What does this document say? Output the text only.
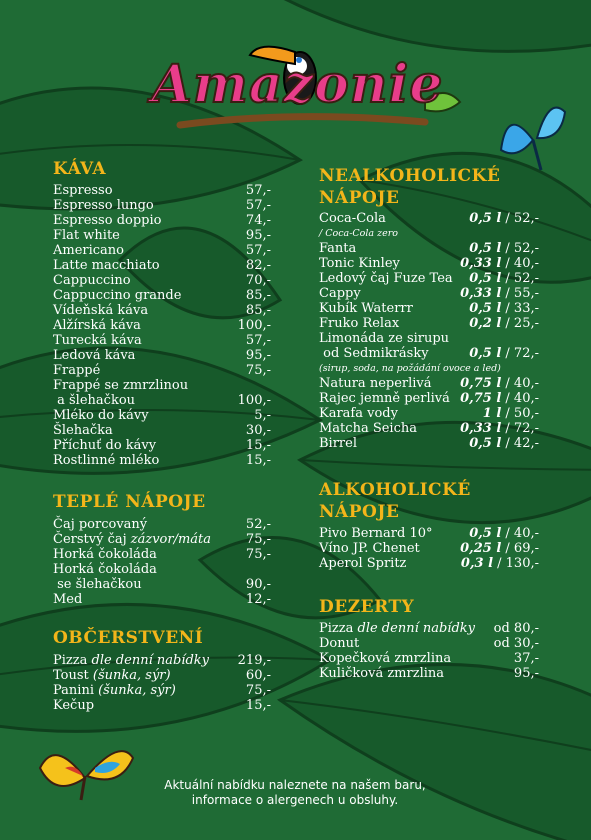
Amazonie
KÁVA
Espresso	57,-
Espresso lungo	57,-
Espresso doppio	74,-
Flat white	95,-
Americano	57,-
Latte macchiato	82,-
Cappuccino	70,-
Cappuccino grande	85,-
Vídeňská káva	85,-
Alžírská káva	100,-
Turecká káva	57,-
Ledová káva	95,-
Frappé	75,-
Frappé se zmrzlinou
a šlehačkou	100,-
Mléko do kávy	5,-
Šlehačka	30,-
Příchuť do kávy	15,-
Rostlinné mléko	15,-
TEPLÉ NÁPOJE
Čaj porcovaný	52,-
Čerstvý čaj zázvor/máta	75,-
Horká čokoláda	75,-
Horká čokoláda
se šlehačkou	90,-
Med	12,-
OBČERSTVENÍ
Pizza dle denní nabídky 219,-
Toust (šunka, sýr)	60,-
Panini (šunka, sýr)	75,-
Kečup	15,-
NEALKOHOLICKÉ
NÁPOJE
Coca-Cola	0,5 l / 52,-
/ Coca-Cola zero
Fanta	0,5 l / 52,-
Tonic Kinley	0,33 l / 40,-
Ledový čaj Fuze Tea 0,5 l / 52,-
Cappy	0,33 l / 55,-
Kubík Waterrr	0,5 l / 33,-
Fruko Relax	0,2 l / 25,-
Limonáda ze sirupu
od Sedmikrásky	0,5 l / 72,-
(sirup, soda, na požádání ovoce a led)
Natura neperlivá 0,75 l / 40,-
Rajec jemně perlivá 0,75 l / 40,-
Karafa vody	1 l / 50,-
Matcha Seicha	0,33 l / 72,-
Birrel	0,5 l / 42,-
ALKOHOLICKÉ
NÁPOJE
Pivo Bernard 10°	0,5 l / 40,-
Víno JP. Chenet	0,25 l / 69,-
Aperol Spritz	0,3 l / 130,-
DEZERTY
Pizza dle denní nabídky od 80,-
Donut	od 30,-
Kopečková zmrzlina	37,-
Kuličková zmrzlina	95,-
Aktuální nabídku naleznete na našem baru,
informace o alergenech u obsluhy.
